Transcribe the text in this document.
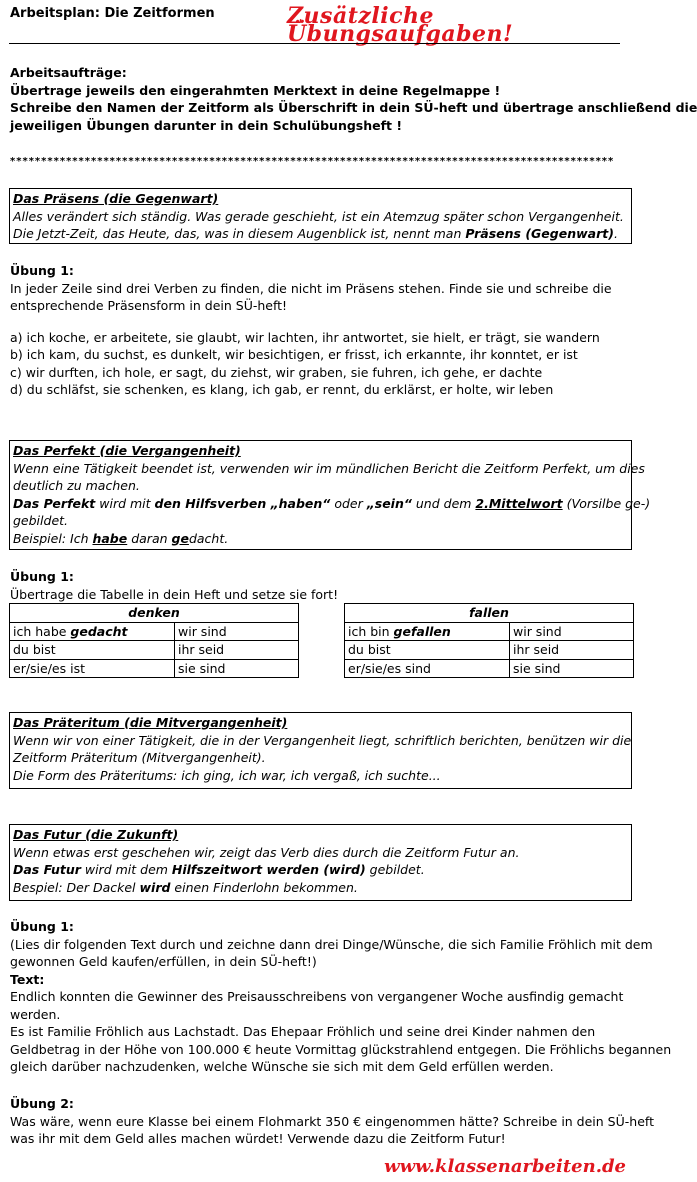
Arbeitsplan: Die Zeitformen	Zusätzliche Übungsaufgaben!
Arbeitsaufträge:
Übertrage jeweils den eingerahmten Merktext in deine Regelmappe !
Schreibe den Namen der Zeitform als Überschrift in dein SÜ-heft und übertrage anschließend die
jeweiligen Übungen darunter in dein Schulübungsheft !
*************************************************************************************************
Das Präsens (die Gegenwart)
Alles verändert sich ständig. Was gerade geschieht, ist ein Atemzug später schon Vergangenheit.
Die Jetzt-Zeit, das Heute, das, was in diesem Augenblick ist, nennt man Präsens (Gegenwart).
Übung 1:
In jeder Zeile sind drei Verben zu finden, die nicht im Präsens stehen. Finde sie und schreibe die
entsprechende Präsensform in dein SÜ-heft!
a) ich koche, er arbeitete, sie glaubt, wir lachten, ihr antwortet, sie hielt, er trägt, sie wandern
b) ich kam, du suchst, es dunkelt, wir besichtigen, er frisst, ich erkannte, ihr konntet, er ist
c) wir durften, ich hole, er sagt, du ziehst, wir graben, sie fuhren, ich gehe, er dachte
d) du schläfst, sie schenken, es klang, ich gab, er rennt, du erklärst, er holte, wir leben
Das Perfekt (die Vergangenheit)
Wenn eine Tätigkeit beendet ist, verwenden wir im mündlichen Bericht die Zeitform Perfekt, um dies
deutlich zu machen.
Das Perfekt wird mit den Hilfsverben „haben“ oder „sein“ und dem 2.Mittelwort (Vorsilbe ge-)
gebildet.
Beispiel: Ich habe daran gedacht.
Übung 1:
Übertrage die Tabelle in dein Heft und setze sie fort!
denken	
ich habe gedacht	wir sind
du bist	ihr seid
er/sie/es ist	sie sind
fallen	
ich bin gefallen	wir sind
du bist	ihr seid
er/sie/es sind	sie sind
Das Präteritum (die Mitvergangenheit)
Wenn wir von einer Tätigkeit, die in der Vergangenheit liegt, schriftlich berichten, benützen wir die
Zeitform Präteritum (Mitvergangenheit).
Die Form des Präteritums: ich ging, ich war, ich vergaß, ich suchte...
Das Futur (die Zukunft)
Wenn etwas erst geschehen wir, zeigt das Verb dies durch die Zeitform Futur an.
Das Futur wird mit dem Hilfszeitwort werden (wird) gebildet.
Bespiel: Der Dackel wird einen Finderlohn bekommen.
Übung 1:
(Lies dir folgenden Text durch und zeichne dann drei Dinge/Wünsche, die sich Familie Fröhlich mit dem
gewonnen Geld kaufen/erfüllen, in dein SÜ-heft!)
Text:
Endlich konnten die Gewinner des Preisausschreibens von vergangener Woche ausfindig gemacht
werden.
Es ist Familie Fröhlich aus Lachstadt. Das Ehepaar Fröhlich und seine drei Kinder nahmen den
Geldbetrag in der Höhe von 100.000 € heute Vormittag glückstrahlend entgegen. Die Fröhlichs begannen
gleich darüber nachzudenken, welche Wünsche sie sich mit dem Geld erfüllen werden.
Übung 2:
Was wäre, wenn eure Klasse bei einem Flohmarkt 350 € eingenommen hätte? Schreibe in dein SÜ-heft
was ihr mit dem Geld alles machen würdet! Verwende dazu die Zeitform Futur!
www.klassenarbeiten.de
